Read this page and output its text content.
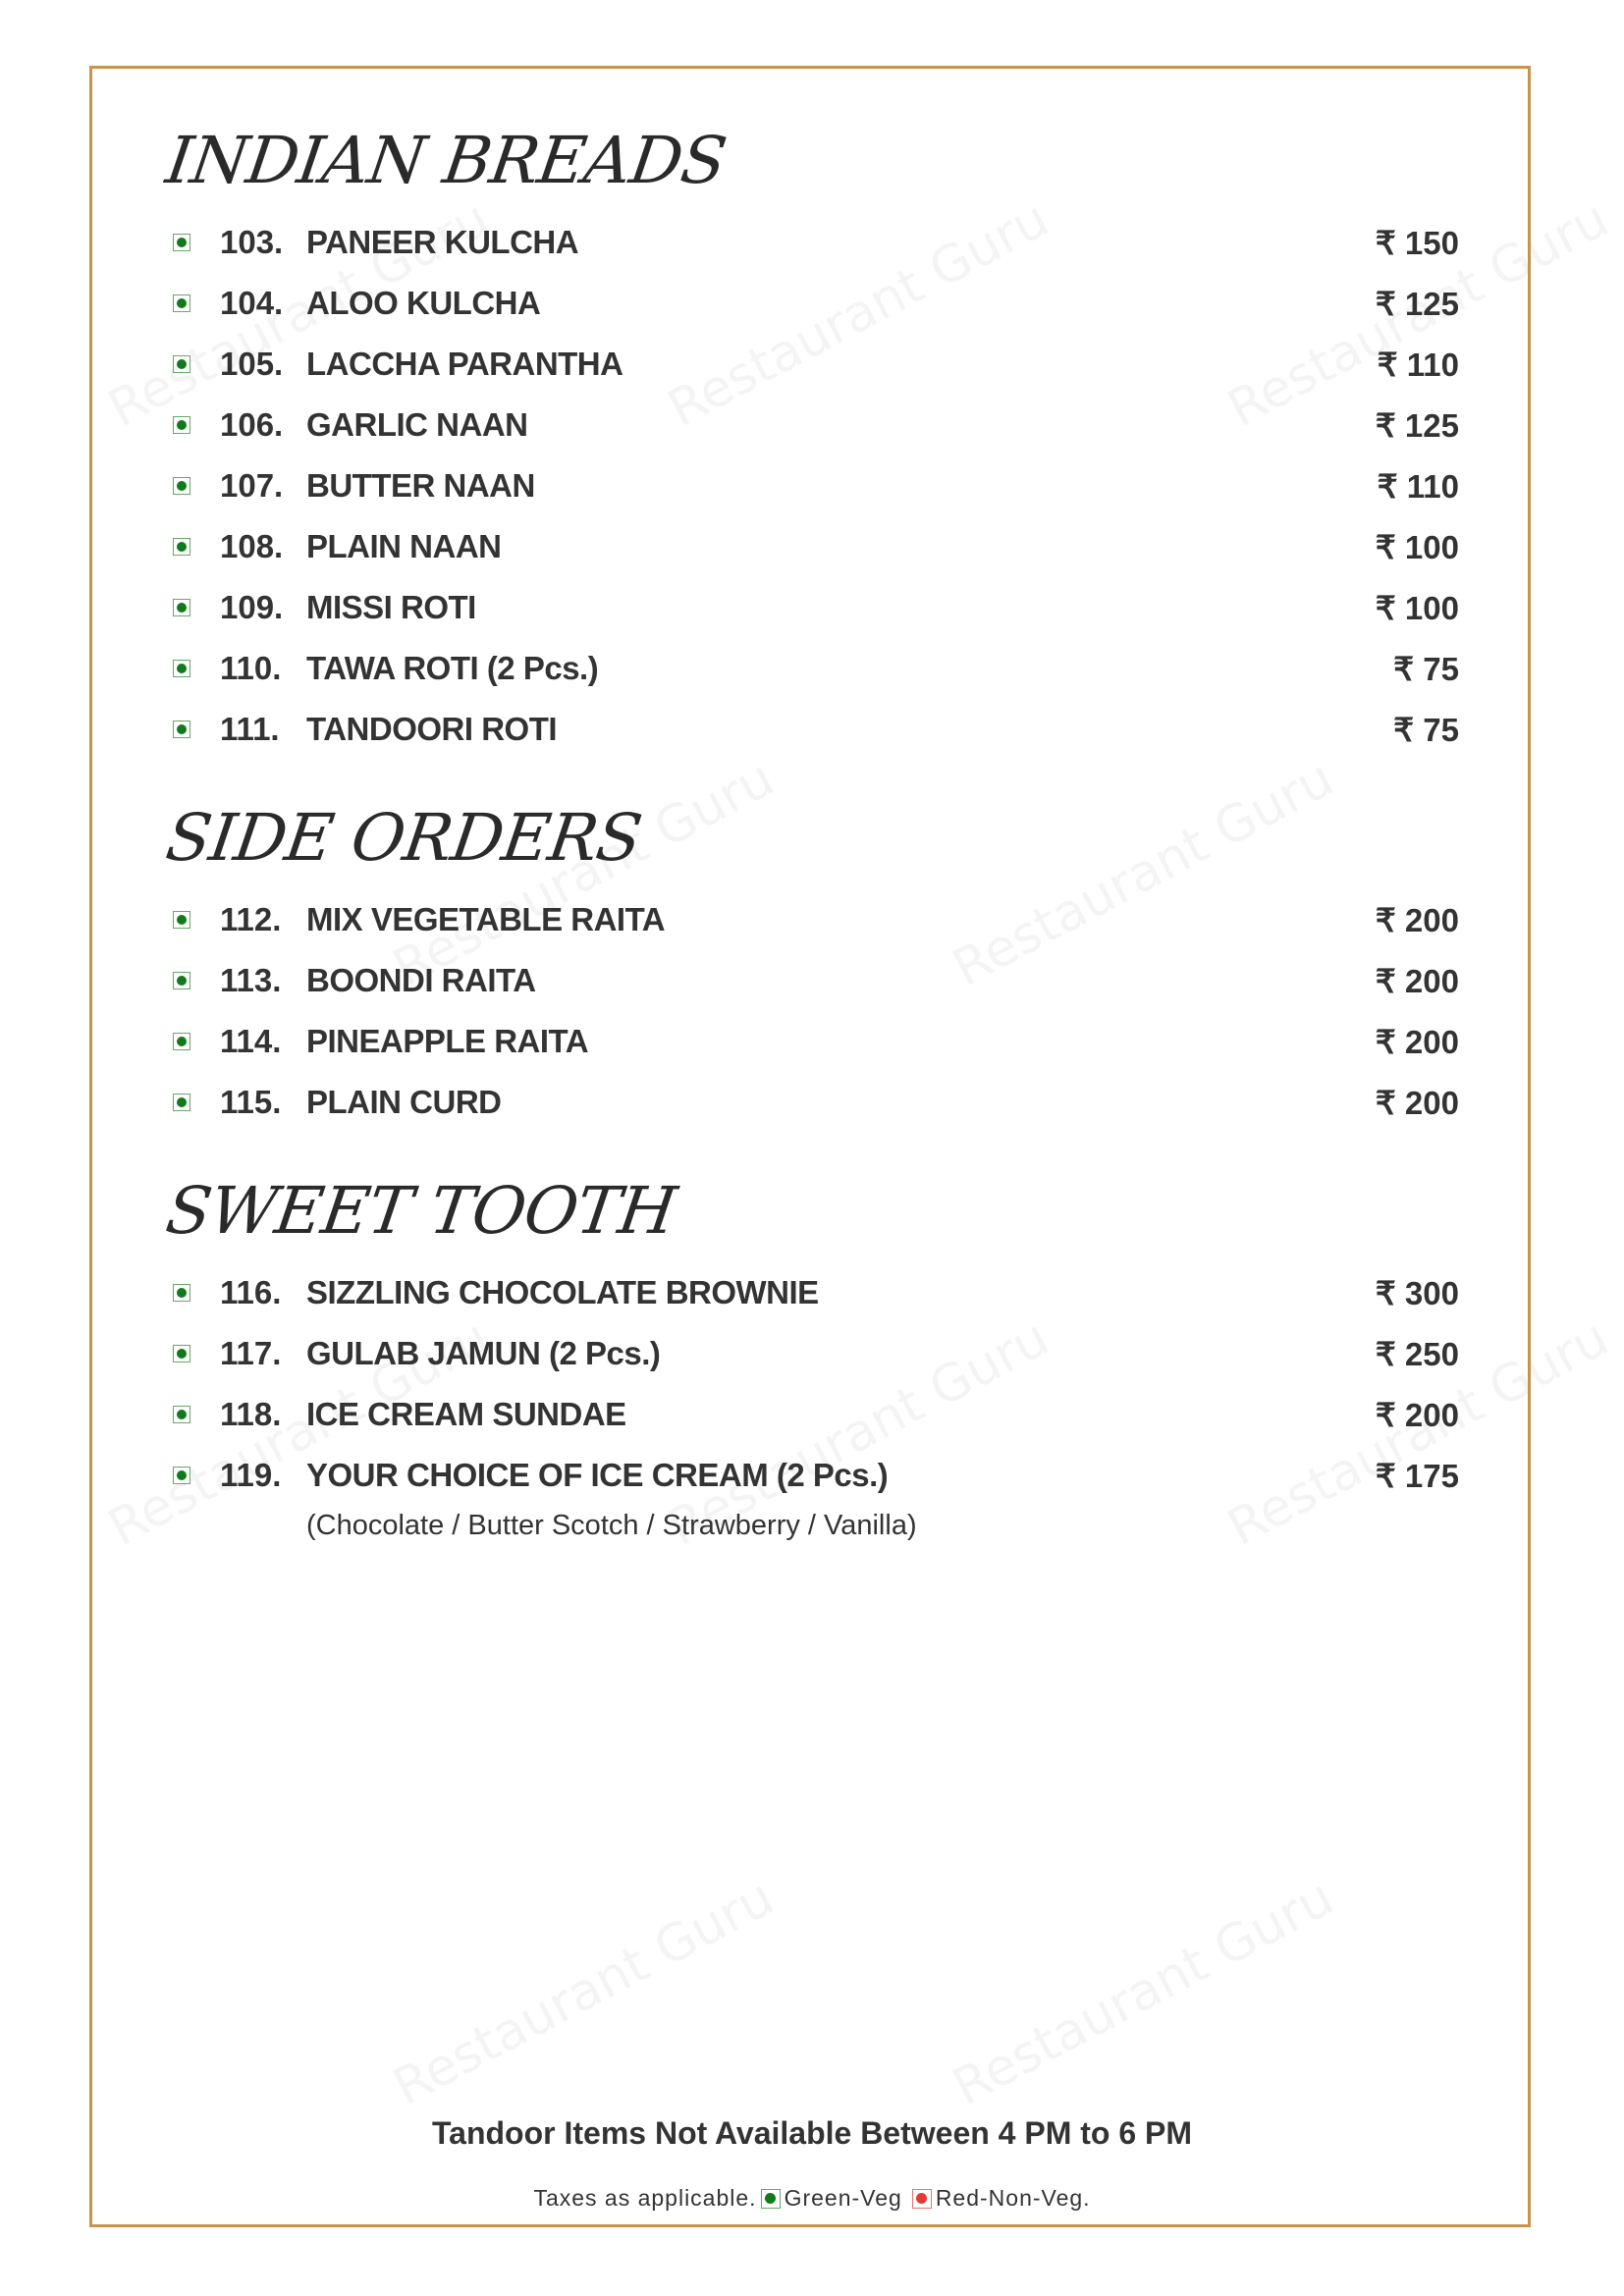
INDIAN BREADS
103. PANEER KULCHA	₹ 150
104. ALOO KULCHA	₹ 125
105. LACCHA PARANTHA	₹ 110
106. GARLIC NAAN	₹ 125
107. BUTTER NAAN	₹ 110
108. PLAIN NAAN	₹ 100
109. MISSI ROTI	₹ 100
110. TAWA ROTI (2 Pcs.)	₹ 75
111. TANDOORI ROTI	₹ 75
SIDE ORDERS
112. MIX VEGETABLE RAITA	₹ 200
113. BOONDI RAITA	₹ 200
114. PINEAPPLE RAITA	₹ 200
115. PLAIN CURD	₹ 200
SWEET TOOTH
116. SIZZLING CHOCOLATE BROWNIE	₹ 300
117. GULAB JAMUN (2 Pcs.)	₹ 250
118. ICE CREAM SUNDAE	₹ 200
119. YOUR CHOICE OF ICE CREAM (2 Pcs.)	₹ 175
(Chocolate / Butter Scotch / Strawberry / Vanilla)
Tandoor Items Not Available Between 4 PM to 6 PM
Taxes as applicable. Green-Veg Red-Non-Veg.
